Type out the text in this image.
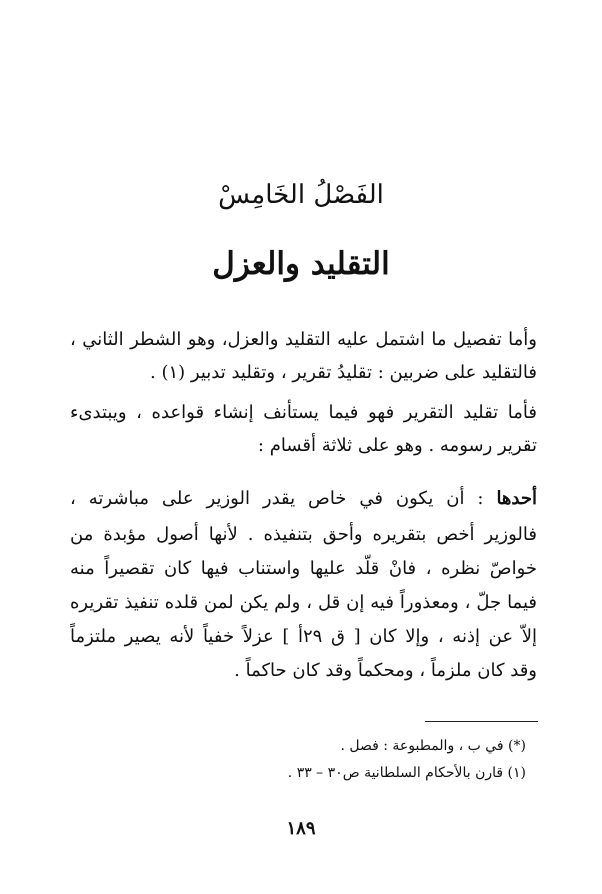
الفَصْلُ الخَامِسْ
التقليد والعزل
وأما تفصيل ما اشتمل عليه التقليد والعزل، وهو الشطر الثاني ،
فالتقليد على ضربين : تقليدُ تقرير ، وتقليد تدبير (١) .
فأما تقليد التقرير فهو فيما يستأنف إنشاء قواعده ، ويبتدىء
تقرير رسومه . وهو على ثلاثة أقسام :
أحدها : أن يكون في خاص يقدر الوزير على مباشرته ،
فالوزير أخص بتقريره وأحق بتنفيذه . لأنها أصول مؤبدة من
خواصّ نظره ، فانْ قلّد عليها واستناب فيها كان تقصيراً منه
فيما جلّ ، ومعذوراً فيه إن قل ، ولم يكن لمن قلده تنفيذ تقريره
إلاّ عن إذنه ، وإلا كان [ ق ٢٩أ ] عزلاً خفياً لأنه يصير ملتزماً
وقد كان ملزماً ، ومحكماً وقد كان حاكماً .
(*) في ب ، والمطبوعة : فصل .
(١) قارن بالأحكام السلطانية ص٣٠ – ٣٣ .
١٨٩
